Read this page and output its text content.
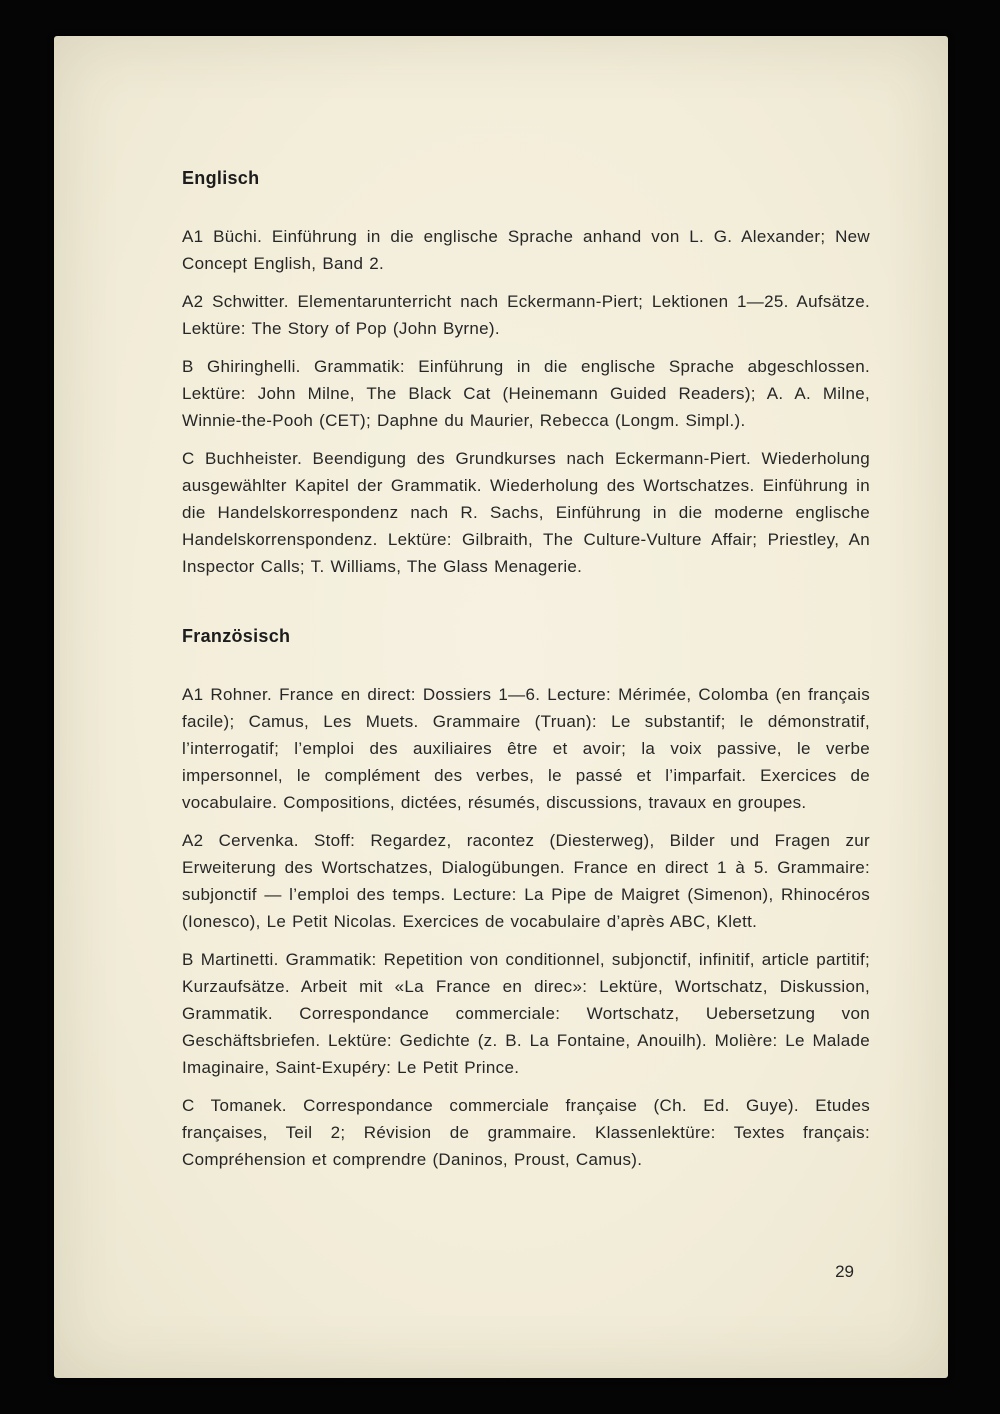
Englisch

A1 Büchi. Einführung in die englische Sprache anhand von L. G. Alexander; New Concept English, Band 2.

A2 Schwitter. Elementarunterricht nach Eckermann-Piert; Lektionen 1—25. Aufsätze. Lektüre: The Story of Pop (John Byrne).

B Ghiringhelli. Grammatik: Einführung in die englische Sprache abgeschlossen. Lektüre: John Milne, The Black Cat (Heinemann Guided Readers); A. A. Milne, Winnie-the-Pooh (CET); Daphne du Maurier, Rebecca (Longm. Simpl.).

C Buchheister. Beendigung des Grundkurses nach Eckermann-Piert. Wiederholung ausgewählter Kapitel der Grammatik. Wiederholung des Wortschatzes. Einführung in die Handelskorrespondenz nach R. Sachs, Einführung in die moderne englische Handelskorrenspondenz. Lektüre: Gilbraith, The Culture-Vulture Affair; Priestley, An Inspector Calls; T. Williams, The Glass Menagerie.

Französisch

A1 Rohner. France en direct: Dossiers 1—6. Lecture: Mérimée, Colomba (en français facile); Camus, Les Muets. Grammaire (Truan): Le substantif; le démonstratif, l’interrogatif; l’emploi des auxiliaires être et avoir; la voix passive, le verbe impersonnel, le complément des verbes, le passé et l’imparfait. Exercices de vocabulaire. Compositions, dictées, résumés, discussions, travaux en groupes.

A2 Cervenka. Stoff: Regardez, racontez (Diesterweg), Bilder und Fragen zur Erweiterung des Wortschatzes, Dialogübungen. France en direct 1 à 5. Grammaire: subjonctif — l’emploi des temps. Lecture: La Pipe de Maigret (Simenon), Rhinocéros (Ionesco), Le Petit Nicolas. Exercices de vocabulaire d’après ABC, Klett.

B Martinetti. Grammatik: Repetition von conditionnel, subjonctif, infinitif, article partitif; Kurzaufsätze. Arbeit mit «La France en direc»: Lektüre, Wortschatz, Diskussion, Grammatik. Correspondance commerciale: Wortschatz, Uebersetzung von Geschäftsbriefen. Lektüre: Gedichte (z. B. La Fontaine, Anouilh). Molière: Le Malade Imaginaire, Saint-Exupéry: Le Petit Prince.

C Tomanek. Correspondance commerciale française (Ch. Ed. Guye). Etudes françaises, Teil 2; Révision de grammaire. Klassenlektüre: Textes français: Compréhension et comprendre (Daninos, Proust, Camus).

29
